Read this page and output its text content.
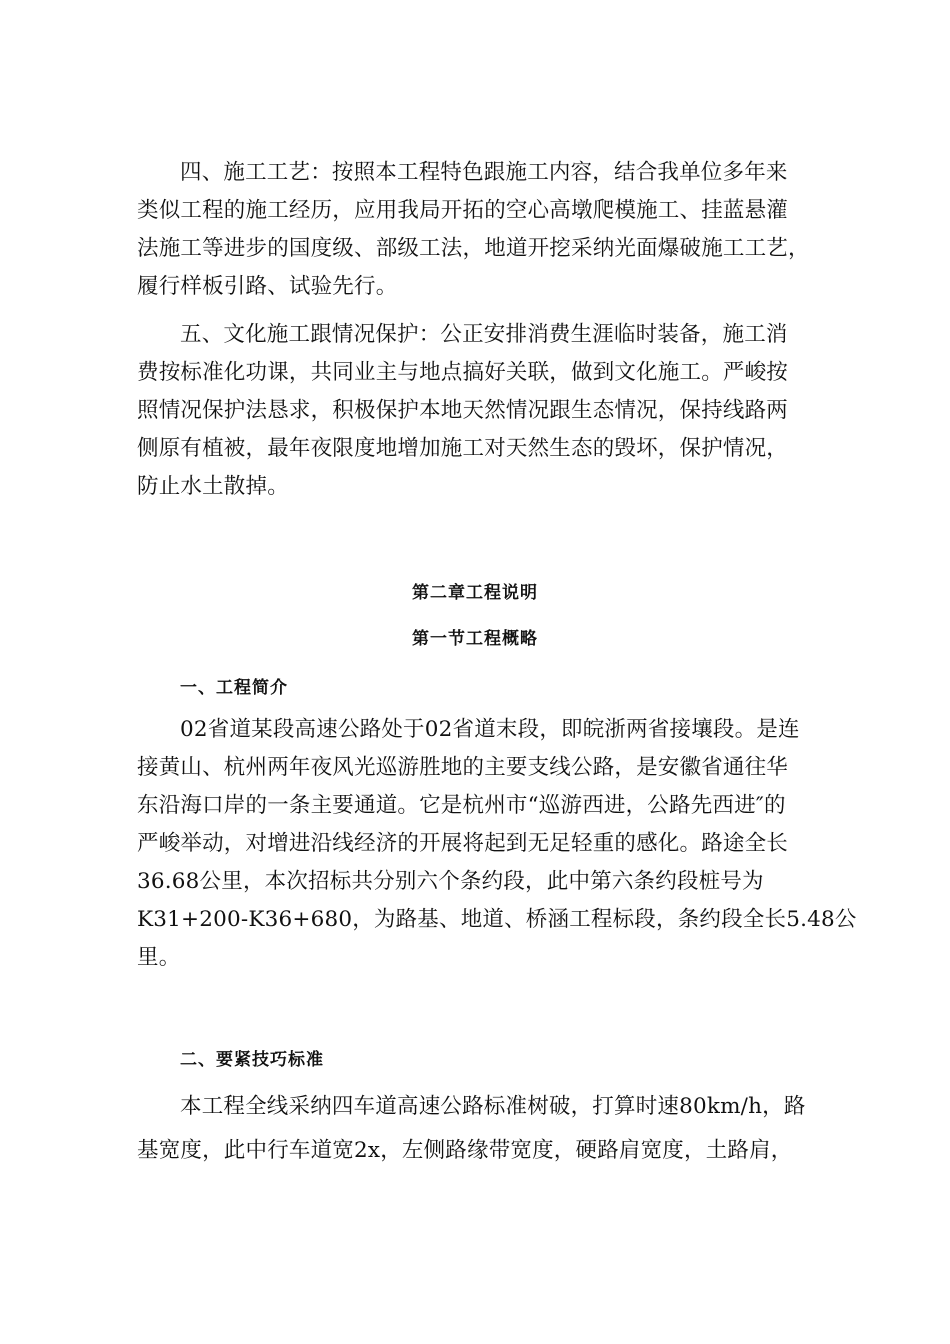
四、施工工艺：按照本工程特色跟施工内容，结合我单位多年来
类似工程的施工经历，应用我局开拓的空心高墩爬模施工、挂蓝悬灌
法施工等进步的国度级、部级工法，地道开挖采纳光面爆破施工工艺，
履行样板引路、试验先行。
五、文化施工跟情况保护：公正安排消费生涯临时装备，施工消
费按标准化功课，共同业主与地点搞好关联，做到文化施工。严峻按
照情况保护法恳求，积极保护本地天然情况跟生态情况，保持线路两
侧原有植被，最年夜限度地增加施工对天然生态的毁坏，保护情况，
防止水土散掉。
第二章工程说明
第一节工程概略
一、工程简介
02省道某段高速公路处于02省道末段，即皖浙两省接壤段。是连
接黄山、杭州两年夜风光巡游胜地的主要支线公路，是安徽省通往华
东沿海口岸的一条主要通道。它是杭州市“巡游西进，公路先西进″的
严峻举动，对增进沿线经济的开展将起到无足轻重的感化。路途全长
36.68公里，本次招标共分别六个条约段，此中第六条约段桩号为
K31+200-K36+680，为路基、地道、桥涵工程标段，条约段全长5.48公
里。
二、要紧技巧标准
本工程全线采纳四车道高速公路标准树破，打算时速80km/h，路
基宽度，此中行车道宽2x，左侧路缘带宽度，硬路肩宽度，土路肩，
